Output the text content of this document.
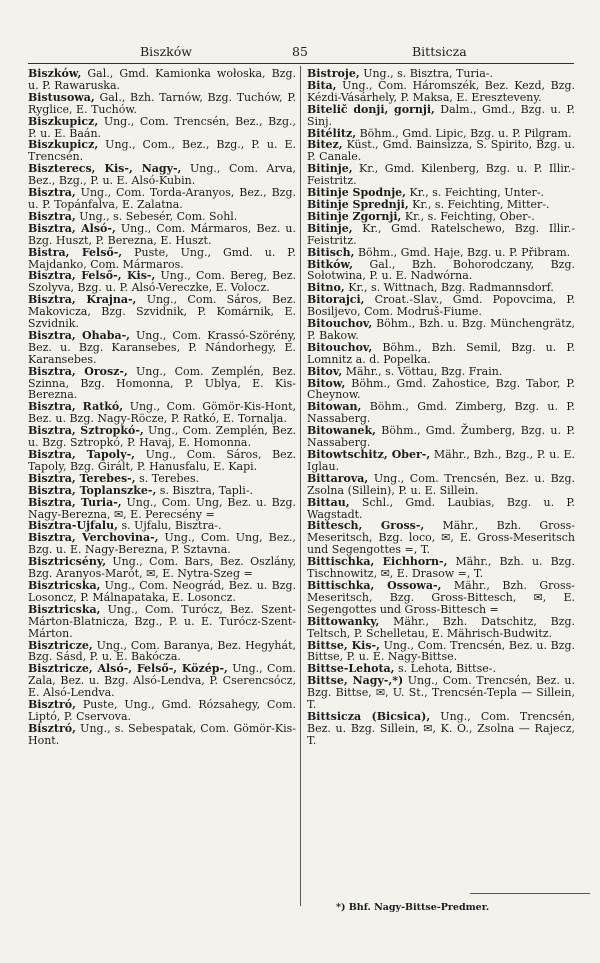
Biszków	85	Bittsicza

Biszków, Gal., Gmd. Kamionka wołoska, Bzg. u. P. Rawaruska.

Bistusowa, Gal., Bzh. Tarnów, Bzg. Tuchów, P. Ryglice, E. Tuchów.

Biszkupicz, Ung., Com. Trencsén, Bez., Bzg., P. u. E. Baán.

Biszkupicz, Ung., Com., Bez., Bzg., P. u. E. Trencsén.

Biszterecs, Kis-, Nagy-, Ung., Com. Arva, Bez., Bzg., P. u. E. Alsó-Kubin.

Bisztra, Ung., Com. Torda-Aranyos, Bez., Bzg. u. P. Topánfalva, E. Zalatna.

Bisztra, Ung., s. Sebesér, Com. Sohl.

Bisztra, Alsó-, Ung., Com. Mármaros, Bez. u. Bzg. Huszt, P. Berezna, E. Huszt.

Bistra, Felső-, Puste, Ung., Gmd. u. P. Majdanko, Com. Mármaros.

Bisztra, Felső-, Kis-, Ung., Com. Bereg, Bez. Szolyva, Bzg. u. P. Alsó-Vereczke, E. Volocz.

Bisztra, Krajna-, Ung., Com. Sáros, Bez. Makovicza, Bzg. Szvidnik, P. Komárnik, E. Szvidnik.

Bisztra, Ohaba-, Ung., Com. Krassó-Szörény, Bez. u. Bzg. Karansebes, P. Nándorhegy, E. Karansebes.

Bisztra, Orosz-, Ung., Com. Zemplén, Bez. Szinna, Bzg. Homonna, P. Ublya, E. Kis-Berezna.

Bisztra, Ratkó, Ung., Com. Gömör-Kis-Hont, Bez. u. Bzg. Nagy-Röcze, P. Ratkó, E. Tornalja.

Bisztra, Sztropkó-, Ung., Com. Zemplén, Bez. u. Bzg. Sztropkó, P. Havaj, E. Homonna.

Bisztra, Tapoly-, Ung., Com. Sáros, Bez. Tapoly, Bzg. Girált, P. Hanusfalu, E. Kapi.

Bisztra, Terebes-, s. Terebes.

Bisztra, Toplanszke-, s. Bisztra, Tapli-.

Bisztra, Turia-, Ung., Com. Ung, Bez. u. Bzg. Nagy-Berezna, ✉, E. Perecsény =

Bisztra-Ujfalu, s. Ujfalu, Bisztra-.

Bisztra, Verchovina-, Ung., Com. Ung, Bez., Bzg. u. E. Nagy-Berezna, P. Sztavna.

Bisztricsény, Ung., Com. Bars, Bez. Oszlány, Bzg. Aranyos-Marót, ✉, E. Nytra-Szeg =

Bisztricska, Ung., Com. Neográd, Bez. u. Bzg. Losoncz, P. Málnapataka, E. Losoncz.

Bisztricska, Ung., Com. Turócz, Bez. Szent-Márton-Blatnicza, Bzg., P. u. E. Turócz-Szent-Márton.

Bisztricze, Ung., Com. Baranya, Bez. Hegyhát, Bzg. Sásd, P. u. E. Bakócza.

Bisztricze, Alsó-, Felső-, Közép-, Ung., Com. Zala, Bez. u. Bzg. Alsó-Lendva, P. Cserencsócz, E. Alsó-Lendva.

Bisztró, Puste, Ung., Gmd. Rózsahegy, Com. Liptó, P. Cservova.

Bisztró, Ung., s. Sebespatak, Com. Gömör-Kis-Hont.

Bistroje, Ung., s. Bisztra, Turia-.

Bita, Ung., Com. Háromszék, Bez. Kezd, Bzg. Kézdi-Vásárhely, P. Maksa, E. Ereszteveny.

Bitelič donji, gornji, Dalm., Gmd., Bzg. u. P. Sinj.

Bitélitz, Böhm., Gmd. Lipic, Bzg. u. P. Pilgram.

Bitez, Küst., Gmd. Bainsizza, S. Spirito, Bzg. u. P. Canale.

Bitinje, Kr., Gmd. Kilenberg, Bzg. u. P. Illir.-Feistritz.

Bitinje Spodnje, Kr., s. Feichting, Unter-.

Bitinje Sprednji, Kr., s. Feichting, Mitter-.

Bitinje Zgornji, Kr., s. Feichting, Ober-.

Bitinje, Kr., Gmd. Ratelschewo, Bzg. Illir.-Feistritz.

Bitisch, Böhm., Gmd. Haje, Bzg. u. P. Přibram.

Bitków, Gal., Bzh. Bohorodczany, Bzg. Sołotwina, P. u. E. Nadwórna.

Bitno, Kr., s. Wittnach, Bzg. Radmannsdorf.

Bitorajci, Croat.-Slav., Gmd. Popovcima, P. Bosiljevo, Com. Modruš-Fiume.

Bitouchov, Böhm., Bzh. u. Bzg. Münchengrätz, P. Bakow.

Bitouchov, Böhm., Bzh. Semil, Bzg. u. P. Lomnitz a. d. Popelka.

Bitov, Mähr., s. Vöttau, Bzg. Frain.

Bitow, Böhm., Gmd. Zahostice, Bzg. Tabor, P. Cheynow.

Bitowan, Böhm., Gmd. Zimberg, Bzg. u. P. Nassaberg.

Bitowanek, Böhm., Gmd. Žumberg, Bzg. u. P. Nassaberg.

Bitowtschitz, Ober-, Mähr., Bzh., Bzg., P. u. E. Iglau.

Bittarova, Ung., Com. Trencsén, Bez. u. Bzg. Zsolna (Sillein), P. u. E. Sillein.

Bittau, Schl., Gmd. Laubias, Bzg. u. P. Wagstadt.

Bittesch, Gross-, Mähr., Bzh. Gross-Meseritsch, Bzg. loco, ✉, E. Gross-Meseritsch und Segengottes =, T.

Bittischka, Eichhorn-, Mähr., Bzh. u. Bzg. Tischnowitz, ✉, E. Drasow =, T.

Bittischka, Ossowa-, Mähr., Bzh. Gross-Meseritsch, Bzg. Gross-Bittesch, ✉, E. Segengottes und Gross-Bittesch =

Bittowanky, Mähr., Bzh. Datschitz, Bzg. Teltsch, P. Schelletau, E. Mährisch-Budwitz.

Bittse, Kis-, Ung., Com. Trencsén, Bez. u. Bzg. Bittse, P. u. E. Nagy-Bittse.

Bittse-Lehota, s. Lehota, Bittse-.

Bittse, Nagy-,*) Ung., Com. Trencsén, Bez. u. Bzg. Bittse, ✉, U. St., Trencsén-Tepla — Sillein, T.

Bittsicza (Bicsica), Ung., Com. Trencsén, Bez. u. Bzg. Sillein, ✉, K. O., Zsolna — Rajecz, T.

*) Bhf. Nagy-Bittse-Predmer.
